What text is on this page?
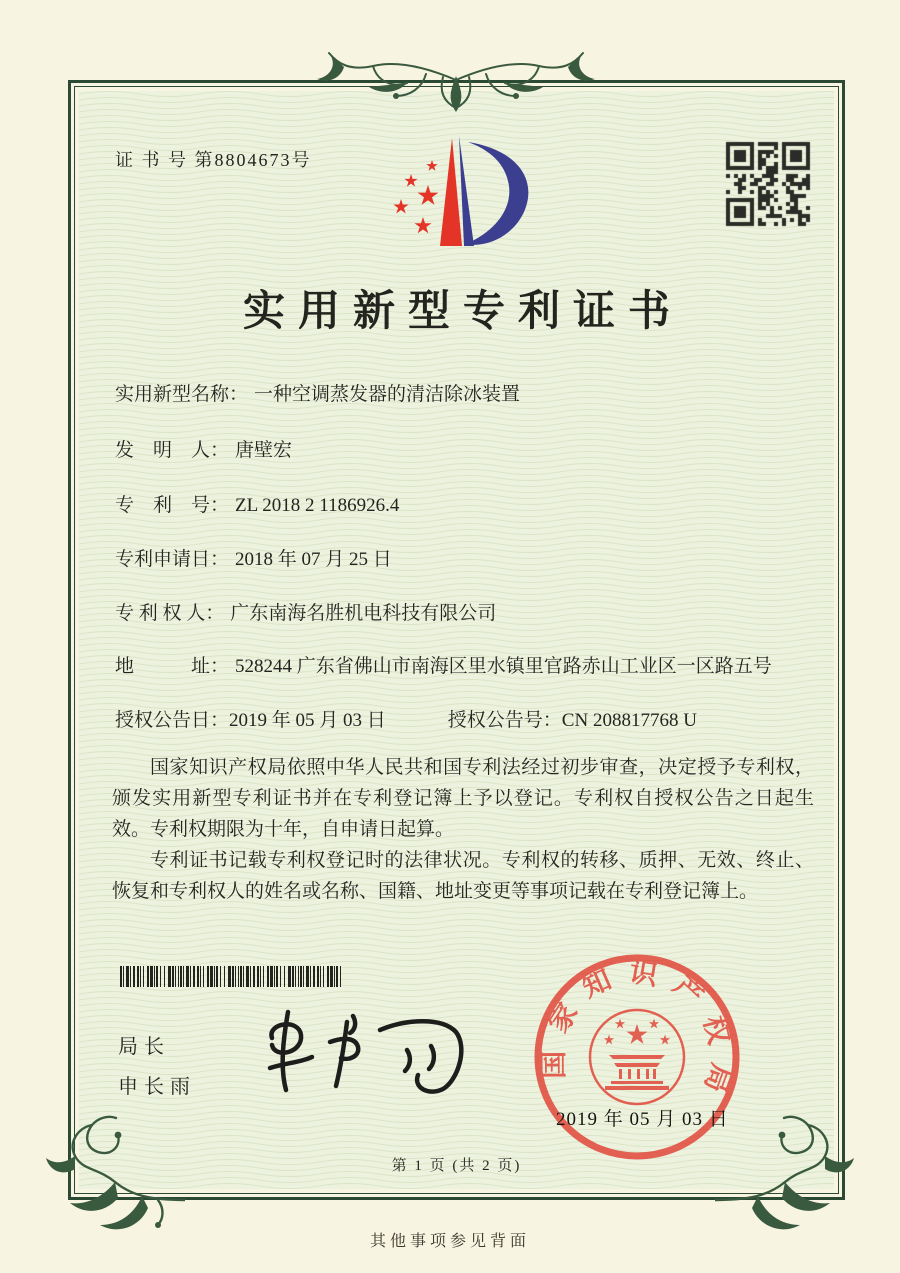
证 书 号 第8804673号
实用新型专利证书
实用新型名称： 一种空调蒸发器的清洁除冰装置
发　明　人： 唐壁宏
专　利　号： ZL 2018 2 1186926.4
专利申请日： 2018 年 07 月 25 日
专 利 权 人： 广东南海名胜机电科技有限公司
地　　　址： 528244 广东省佛山市南海区里水镇里官路赤山工业区一区路五号
授权公告日： 2019 年 05 月 03 日	授权公告号： CN 208817768 U

国家知识产权局依照中华人民共和国专利法经过初步审查，决定授予专利权，颁发实用新型专利证书并在专利登记簿上予以登记。专利权自授权公告之日起生效。专利权期限为十年，自申请日起算。

专利证书记载专利权登记时的法律状况。专利权的转移、质押、无效、终止、恢复和专利权人的姓名或名称、国籍、地址变更等事项记载在专利登记簿上。

局长
申长雨
国家知识产权局
2019 年 05 月 03 日
第 1 页 (共 2 页)
其他事项参见背面
